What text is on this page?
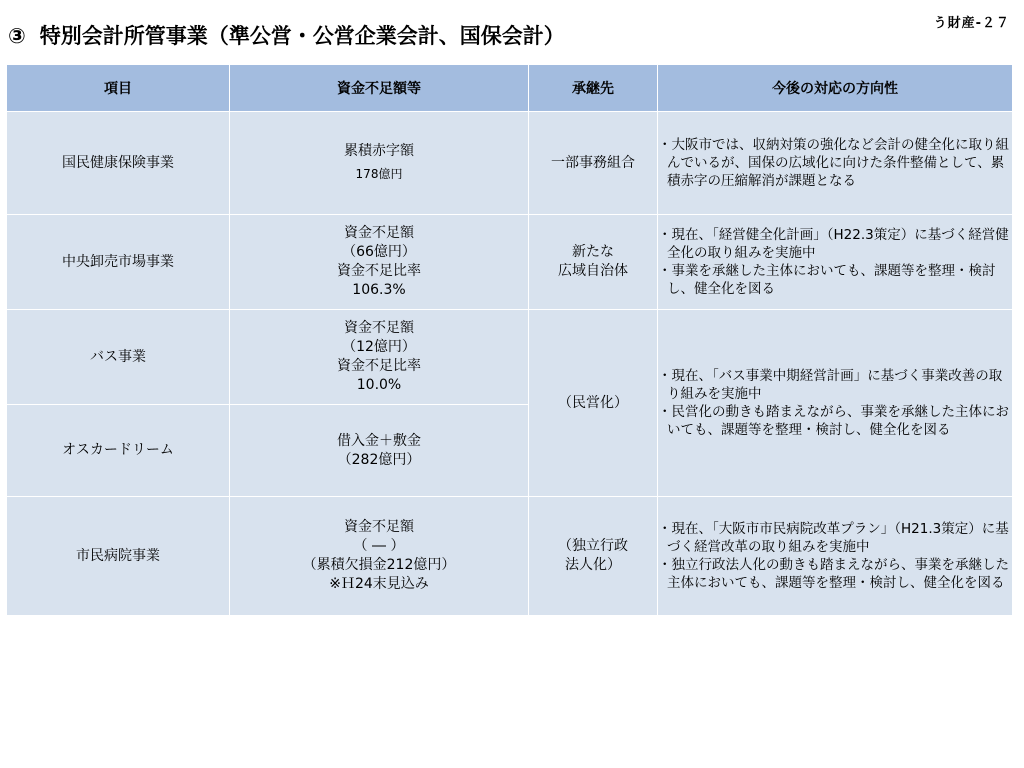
う財産-２７
③ 特別会計所管事業（準公営・公営企業会計、国保会計）
項目	資金不足額等	承継先	今後の対応の方向性
国民健康保険事業	累積赤字額
178億円	一部事務組合	・大阪市では、収納対策の強化など会計の健全化に取り組んでいるが、国保の広域化に向けた条件整備として、累積赤字の圧縮解消が課題となる

中央卸売市場事業	資金不足額
（66億円）
資金不足比率
106.3%	新たな
広域自治体	・現在、「経営健全化計画」（H22.3策定）に基づく経営健全化の取り組みを実施中
・事業を承継した主体においても、課題等を整理・検討し、健全化を図る

バス事業	資金不足額
（12億円）
資金不足比率
10.0%	（民営化）	・現在、「バス事業中期経営計画」に基づく事業改善の取り組みを実施中
・民営化の動きも踏まえながら、事業を承継した主体においても、課題等を整理・検討し、健全化を図る

オスカードリーム	借入金＋敷金
（282億円）		

市民病院事業	資金不足額
（ ― ）
（累積欠損金212億円）
※Ｈ24末見込み	（独立行政
法人化）	・現在、「大阪市市民病院改革プラン」（H21.3策定）に基づく経営改革の取り組みを実施中
・独立行政法人化の動きも踏まえながら、事業を承継した主体においても、課題等を整理・検討し、健全化を図る
